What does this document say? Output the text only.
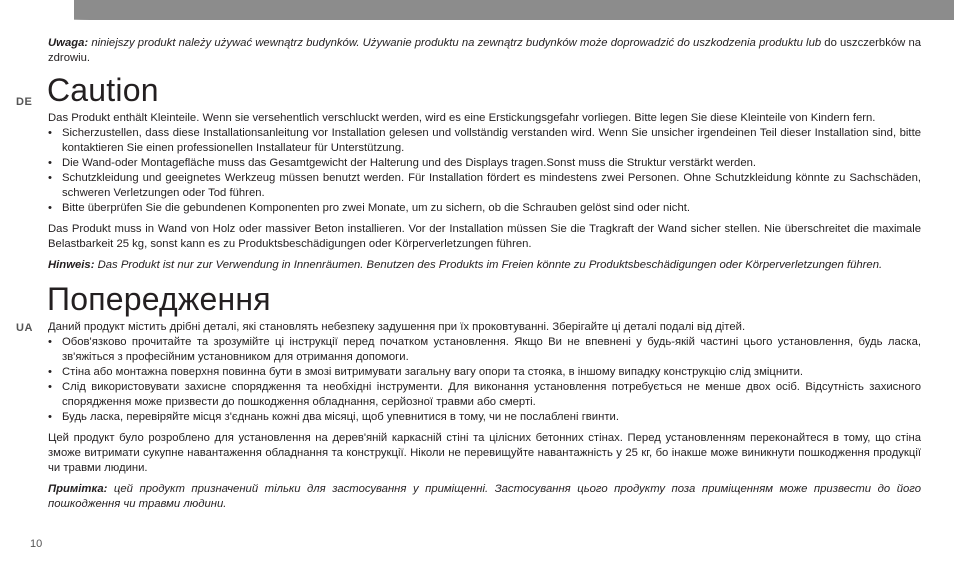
DE
UA

Uwaga: niniejszy produkt należy używać wewnątrz budynków. Używanie produktu na zewnątrz budynków może doprowadzić do uszkodzenia produktu lub do uszczerbków na zdrowiu.

Caution

Das Produkt enthält Kleinteile. Wenn sie versehentlich verschluckt werden, wird es eine Erstickungsgefahr vorliegen. Bitte legen Sie diese Kleinteile von Kindern fern.

• Sicherzustellen, dass diese Installationsanleitung vor Installation gelesen und vollständig verstanden wird. Wenn Sie unsicher irgendeinen Teil dieser Installation sind, bitte kontaktieren Sie einen professionellen Installateur für Unterstützung.
• Die Wand-oder Montagefläche muss das Gesamtgewicht der Halterung und des Displays tragen.Sonst muss die Struktur verstärkt werden.
• Schutzkleidung und geeignetes Werkzeug müssen benutzt werden. Für Installation fördert es mindestens zwei Personen. Ohne Schutzkleidung könnte zu Sachschäden, schweren Verletzungen oder Tod führen.
• Bitte überprüfen Sie die gebundenen Komponenten pro zwei Monate, um zu sichern, ob die Schrauben gelöst sind oder nicht.

Das Produkt muss in Wand von Holz oder massiver Beton installieren. Vor der Installation müssen Sie die Tragkraft der Wand sicher stellen. Nie überschreitet die maximale Belastbarkeit 25 kg, sonst kann es zu Produktsbeschädigungen oder Körperverletzungen führen.

Hinweis: Das Produkt ist nur zur Verwendung in Innenräumen. Benutzen des Produkts im Freien könnte zu Produktsbeschädigungen oder Körperverletzungen führen.

Попередження

Даний продукт містить дрібні деталі, які становлять небезпеку задушення при їх проковтуванні. Зберігайте ці деталі подалі від дітей.

• Обов'язково прочитайте та зрозумійте ці інструкції перед початком установлення. Якщо Ви не впевнені у будь-якій частині цього установлення, будь ласка, зв'яжіться з професійним установником для отримання допомоги.
• Стіна або монтажна поверхня повинна бути в змозі витримувати загальну вагу опори та стояка, в іншому випадку конструкцію слід зміцнити.
• Слід використовувати захисне спорядження та необхідні інструменти. Для виконання установлення потребується не менше двох осіб. Відсутність захисного спорядження може призвести до пошкодження обладнання, серйозної травми або смерті.
• Будь ласка, перевіряйте місця з'єднань кожні два місяці, щоб упевнитися в тому, чи не послаблені гвинти.

Цей продукт було розроблено для установлення на дерев'яній каркасній стіні та цілісних бетонних стінах. Перед установленням переконайтеся в тому, що стіна зможе витримати сукупне навантаження обладнання та конструкції. Ніколи не перевищуйте навантажність у 25 кг, бо інакше може виникнути пошкодження продукції чи травми людини.

Примітка: цей продукт призначений тільки для застосування у приміщенні. Застосування цього продукту поза приміщенням може призвести до його пошкодження чи травми людини.

10
